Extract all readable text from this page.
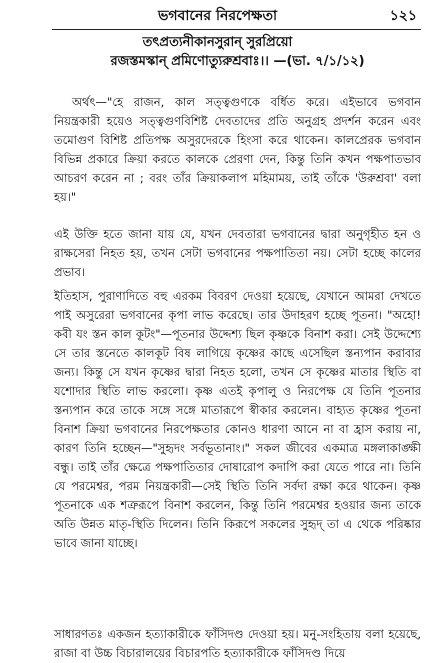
ভগবানের নিরপেক্ষতা	১২১
তৎপ্রত্যনীকানসুরান্ সুরপ্রিয়ো
রজস্তমস্কান্ প্রমিণোত্যুরুশ্রবাঃ।। —(ভা. ৭/১/১২)
অর্থৎ—"হে রাজন, কাল সত্ত্বগুণকে বর্ধিত করে। এইভাবে ভগবান নিয়ন্ত্রকারী হয়েও সত্ত্বগুণবিশিষ্ট দেবতাদের প্রতি অনুগ্রহ প্রদর্শন করেন এবং তমোগুণ বিশিষ্ট প্রতিপক্ষ অসুরদেরকে হিংসা করে থাকেন। কালপ্রেরক ভগবান বিভিন্ন প্রকারে ক্রিয়া করতে কালকে প্রেরণা দেন, কিন্তু তিনি কখন পক্ষপাতভাব আচরণ করেন না ; বরং তাঁর ক্রিয়াকলাপ মহিমাময়, তাই তাঁকে 'উরুশ্রবা' বলা হয়।"
এই উক্তি হতে জানা যায় যে, যখন দেবতারা ভগবানের দ্বারা অনুগৃহীত হন ও রাক্ষসেরা নিহত হয়, তখন সেটা ভগবানের পক্ষপাতিতা নয়। সেটা হচ্ছে কালের প্রভাব।
ইতিহাস, পুরাণাদিতে বহু এরকম বিবরণ দেওয়া হয়েছে, যেখানে আমরা দেখতে পাই অসুরেরা ভগবানের কৃপা লাভ করেছে। তার উদাহরণ হচ্ছে পূতনা। "অহো! কবী যং স্তন কাল কূটং"—পূতনার উদ্দেশ্য ছিল কৃষ্ণকে বিনাশ করা। সেই উদ্দেশ্যে সে তার স্তনেতে কালকূট বিষ লাগিয়ে কৃষ্ণের কাছে এসেছিল স্তন্যপান করাবার জন্য। কিন্তু সে যখন কৃষ্ণের দ্বারা নিহত হলো, তখন সে কৃষ্ণের মাতার স্থিতি বা যশোদার স্থিতি লাভ করলো। কৃষ্ণ এতই কৃপালু ও নিরপেক্ষ যে তিনি পূতনার স্তন্যপান করে তাকে সঙ্গে সঙ্গে মাতারূপে স্বীকার করলেন। বাহ্যত কৃষ্ণের পূতনা বিনাশ ক্রিয়া ভগবানের নিরপেক্ষতার কোনও ধারণা আনে না বা হ্রাস করায় না, কারণ তিনি হচ্ছেন—"সুহৃদং সর্বভূতানাং।" সকল জীবের একমাত্র মঙ্গলাকাঙ্ক্ষী বন্ধু। তাই তাঁর ক্ষেত্রে পক্ষপাতিতার দোষারোপ কদাপি করা যেতে পারে না। তিনি যে পরমেশ্বর, পরম নিয়ন্ত্রকারী—সেই স্থিতি তিনি সর্বদা রক্ষা করে থাকেন। কৃষ্ণ পূতনাকে এক শত্রুরূপে বিনাশ করলেন, কিন্তু তিনি পরমেশ্বর হওয়ার জন্য তাকে অতি উন্নত মাতৃ-স্থিতি দিলেন। তিনি কিরূপে সকলের সুহৃদ্ তা এ থেকে পরিষ্কার ভাবে জানা যাচ্ছে।
সাধারণতঃ একজন হত্যাকারীকে ফাঁসিদণ্ড দেওয়া হয়। মনু-সংহিতায় বলা হয়েছে, রাজা বা উচ্চ বিচারালয়ের বিচারপতি হত্যাকারীকে ফাঁসিদণ্ড দিয়ে
